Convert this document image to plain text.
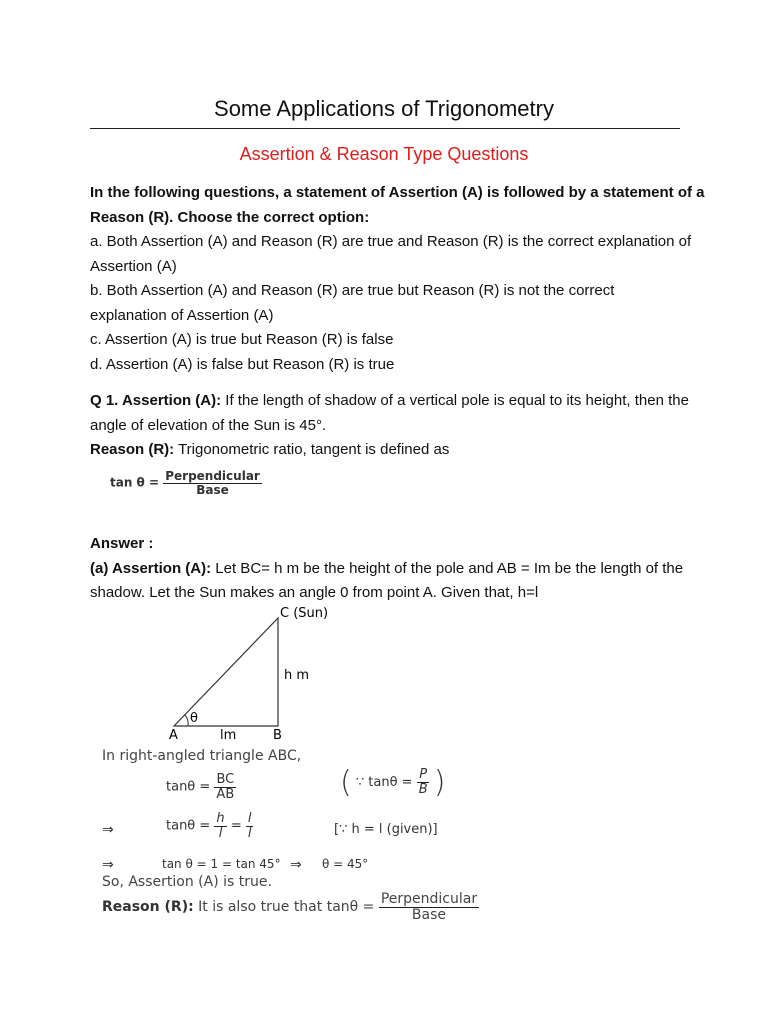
Some Applications of Trigonometry
Assertion & Reason Type Questions
In the following questions, a statement of Assertion (A) is followed by a statement of a
Reason (R). Choose the correct option:
a. Both Assertion (A) and Reason (R) are true and Reason (R) is the correct explanation of
Assertion (A)
b. Both Assertion (A) and Reason (R) are true but Reason (R) is not the correct
explanation of Assertion (A)
c. Assertion (A) is true but Reason (R) is false
d. Assertion (A) is false but Reason (R) is true
Q 1. Assertion (A): If the length of shadow of a vertical pole is equal to its height, then the
angle of elevation of the Sun is 45°.
Reason (R): Trigonometric ratio, tangent is defined as
$\tan \theta = \frac{\text{Perpendicular}}{\text{Base}}$
Answer :
(a) Assertion (A): Let BC= h m be the height of the pole and AB = Im be the length of the
shadow. Let the Sun makes an angle 0 from point A. Given that, h=l
C (Sun)
h m
θ
A	lm	B
In right-angled triangle ABC,
$\tan\theta = \frac{BC}{AB}$	( ∵ $\tan\theta = \frac{P}{B}$ )
⇒	$\tan\theta = \frac{h}{l} = \frac{l}{l}$	[∵ h = l (given)]
⇒	tan θ = 1 = tan 45° ⇒ θ = 45°
So, Assertion (A) is true.
Reason (R): It is also true that $\tan\theta = \frac{\text{Perpendicular}}{\text{Base}}$
